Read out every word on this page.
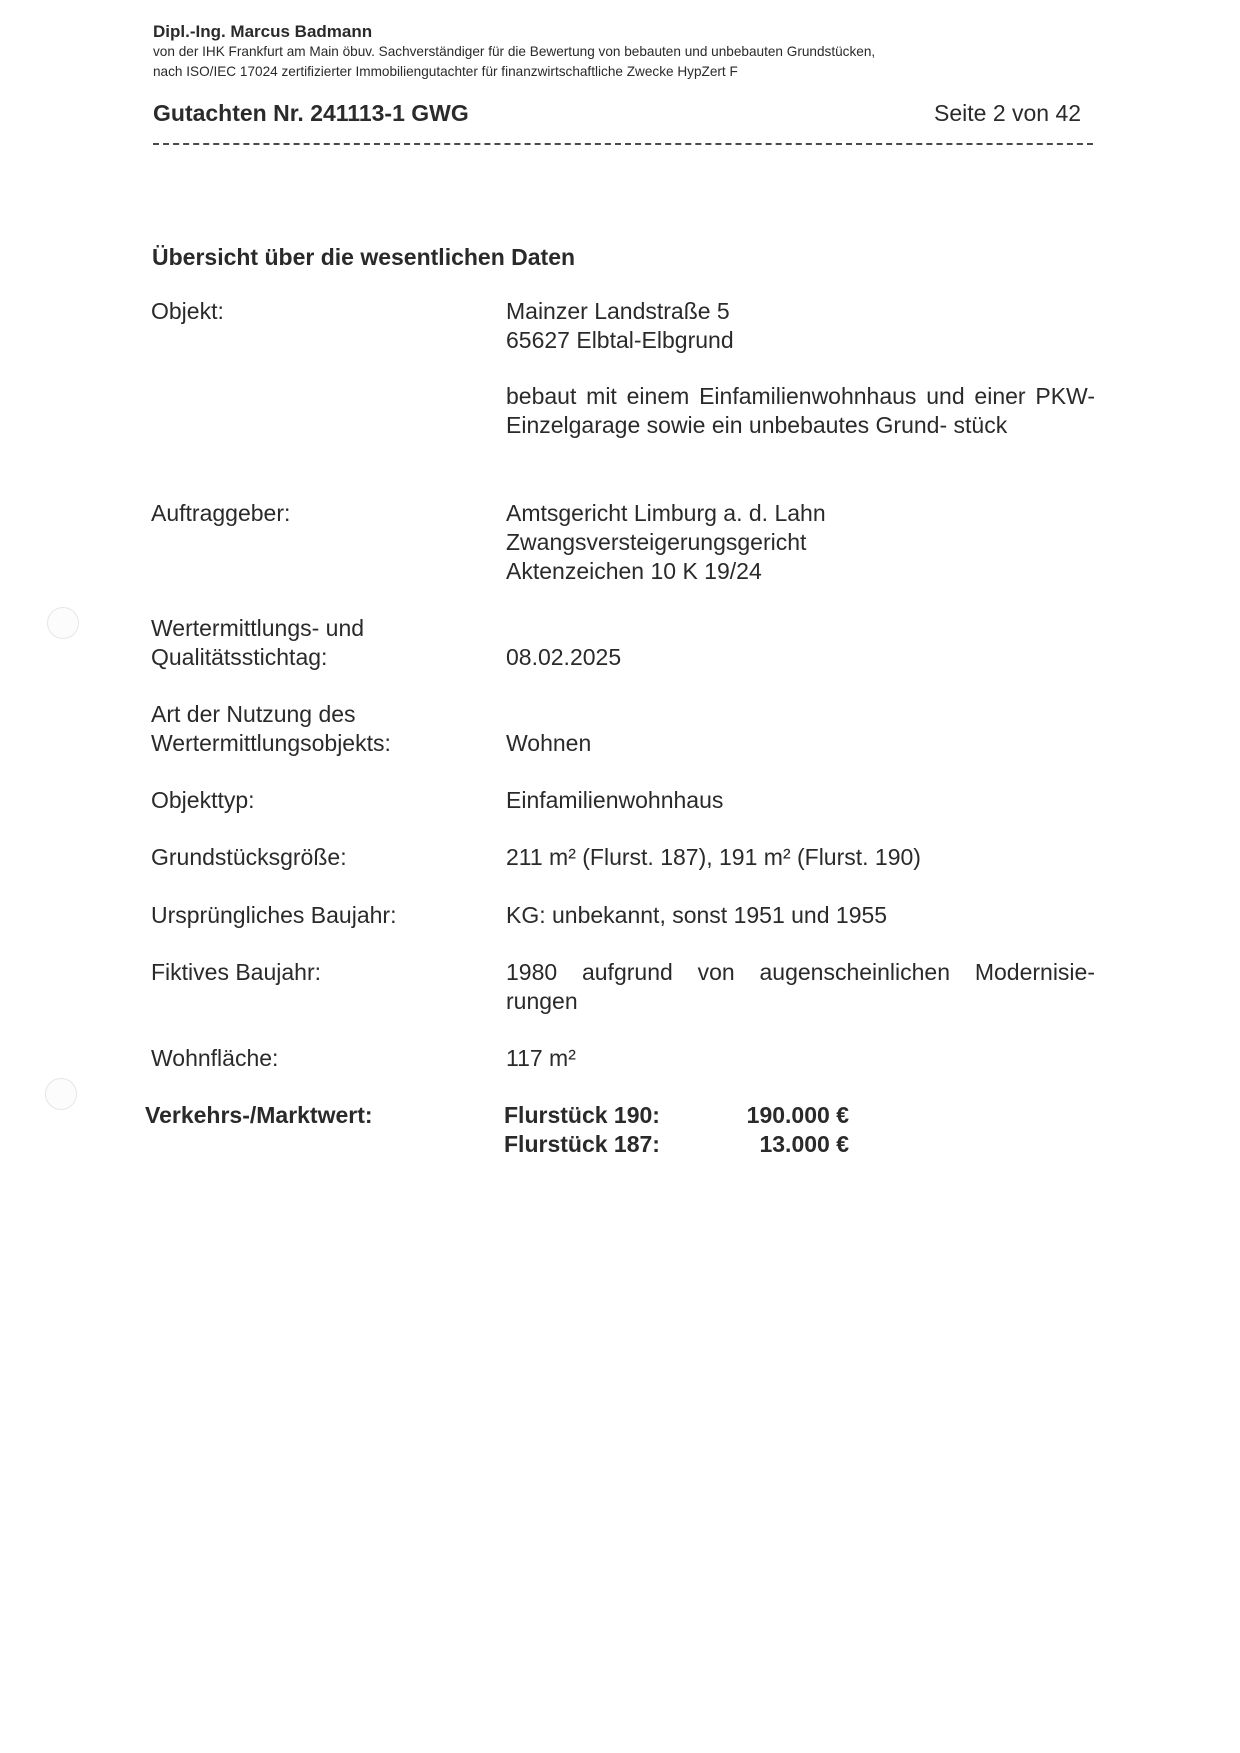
Dipl.-Ing. Marcus Badmann
von der IHK Frankfurt am Main öbuv. Sachverständiger für die Bewertung von bebauten und unbebauten Grundstücken,
nach ISO/IEC 17024 zertifizierter Immobiliengutachter für finanzwirtschaftliche Zwecke HypZert F
Gutachten Nr. 241113-1 GWG	Seite 2 von 42
Übersicht über die wesentlichen Daten
Objekt:	Mainzer Landstraße 5
65627 Elbtal-Elbgrund
bebaut mit einem Einfamilienwohnhaus und einer PKW-Einzelgarage sowie ein unbebautes Grund- stück
Auftraggeber:	Amtsgericht Limburg a. d. Lahn
Zwangsversteigerungsgericht
Aktenzeichen 10 K 19/24
Wertermittlungs- und
Qualitätsstichtag:	08.02.2025
Art der Nutzung des
Wertermittlungsobjekts:	Wohnen
Objekttyp:	Einfamilienwohnhaus
Grundstücksgröße:	211 m² (Flurst. 187), 191 m² (Flurst. 190)
Ursprüngliches Baujahr:	KG: unbekannt, sonst 1951 und 1955
Fiktives Baujahr:	1980 aufgrund von augenscheinlichen Modernisie- rungen
Wohnfläche:	117 m²
Verkehrs-/Marktwert:	Flurstück 190:	190.000 €
Flurstück 187:	13.000 €
